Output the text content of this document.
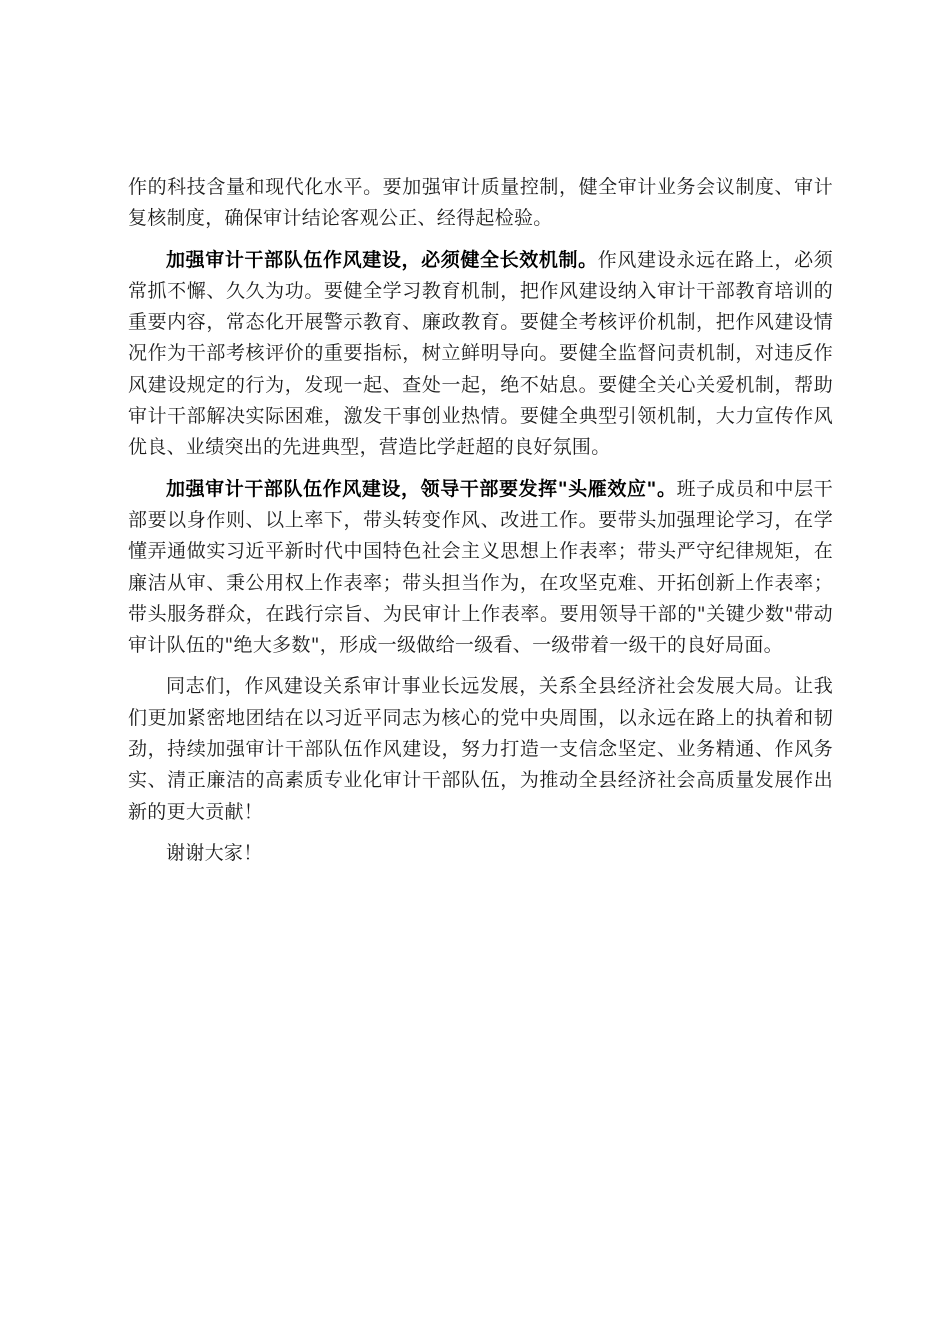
作的科技含量和现代化水平。要加强审计质量控制，健全审计业务会议制度、审计复核制度，确保审计结论客观公正、经得起检验。

加强审计干部队伍作风建设，必须健全长效机制。作风建设永远在路上，必须常抓不懈、久久为功。要健全学习教育机制，把作风建设纳入审计干部教育培训的重要内容，常态化开展警示教育、廉政教育。要健全考核评价机制，把作风建设情况作为干部考核评价的重要指标，树立鲜明导向。要健全监督问责机制，对违反作风建设规定的行为，发现一起、查处一起，绝不姑息。要健全关心关爱机制，帮助审计干部解决实际困难，激发干事创业热情。要健全典型引领机制，大力宣传作风优良、业绩突出的先进典型，营造比学赶超的良好氛围。

加强审计干部队伍作风建设，领导干部要发挥"头雁效应"。班子成员和中层干部要以身作则、以上率下，带头转变作风、改进工作。要带头加强理论学习，在学懂弄通做实习近平新时代中国特色社会主义思想上作表率；带头严守纪律规矩，在廉洁从审、秉公用权上作表率；带头担当作为，在攻坚克难、开拓创新上作表率；带头服务群众，在践行宗旨、为民审计上作表率。要用领导干部的"关键少数"带动审计队伍的"绝大多数"，形成一级做给一级看、一级带着一级干的良好局面。

同志们，作风建设关系审计事业长远发展，关系全县经济社会发展大局。让我们更加紧密地团结在以习近平同志为核心的党中央周围，以永远在路上的执着和韧劲，持续加强审计干部队伍作风建设，努力打造一支信念坚定、业务精通、作风务实、清正廉洁的高素质专业化审计干部队伍，为推动全县经济社会高质量发展作出新的更大贡献！

谢谢大家！
